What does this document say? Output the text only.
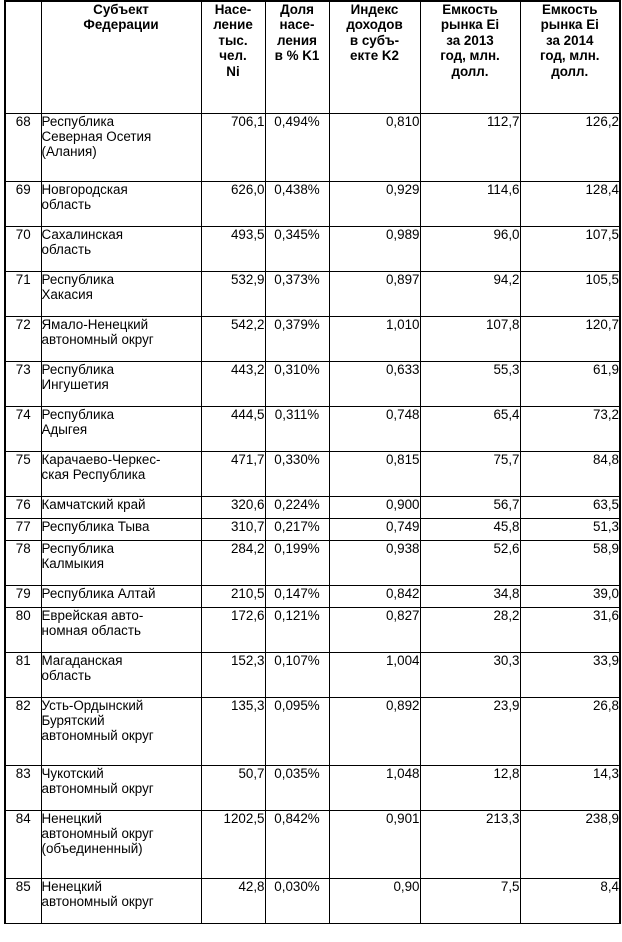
	Субъект
Федерации	Насе-
ление
тыс.
чел.
Ni	Доля
насе-
ления
в % K1	Индекс
доходов
в субъ-
екте K2	Емкость
рынка Ei
за 2013
год, млн.
долл.	Емкость
рынка Ei
за 2014
год, млн.
долл.

68	Республика
Северная Осетия
(Алания)	706,1	0,494%	0,810	112,7	126,2
69	Новгородская
область	626,0	0,438%	0,929	114,6	128,4
70	Сахалинская
область	493,5	0,345%	0,989	96,0	107,5
71	Республика
Хакасия	532,9	0,373%	0,897	94,2	105,5
72	Ямало-Ненецкий
автономный округ	542,2	0,379%	1,010	107,8	120,7
73	Республика
Ингушетия	443,2	0,310%	0,633	55,3	61,9
74	Республика
Адыгея	444,5	0,311%	0,748	65,4	73,2
75	Карачаево-Черкес-
ская Республика	471,7	0,330%	0,815	75,7	84,8
76	Камчатский край	320,6	0,224%	0,900	56,7	63,5
77	Республика Тыва	310,7	0,217%	0,749	45,8	51,3
78	Республика
Калмыкия	284,2	0,199%	0,938	52,6	58,9
79	Республика Алтай	210,5	0,147%	0,842	34,8	39,0
80	Еврейская авто-
номная область	172,6	0,121%	0,827	28,2	31,6
81	Магаданская
область	152,3	0,107%	1,004	30,3	33,9
82	Усть-Ордынский
Бурятский
автономный округ	135,3	0,095%	0,892	23,9	26,8
83	Чукотский
автономный округ	50,7	0,035%	1,048	12,8	14,3
84	Ненецкий
автономный округ
(объединенный)	1202,5	0,842%	0,901	213,3	238,9
85	Ненецкий
автономный округ	42,8	0,030%	0,90	7,5	8,4
